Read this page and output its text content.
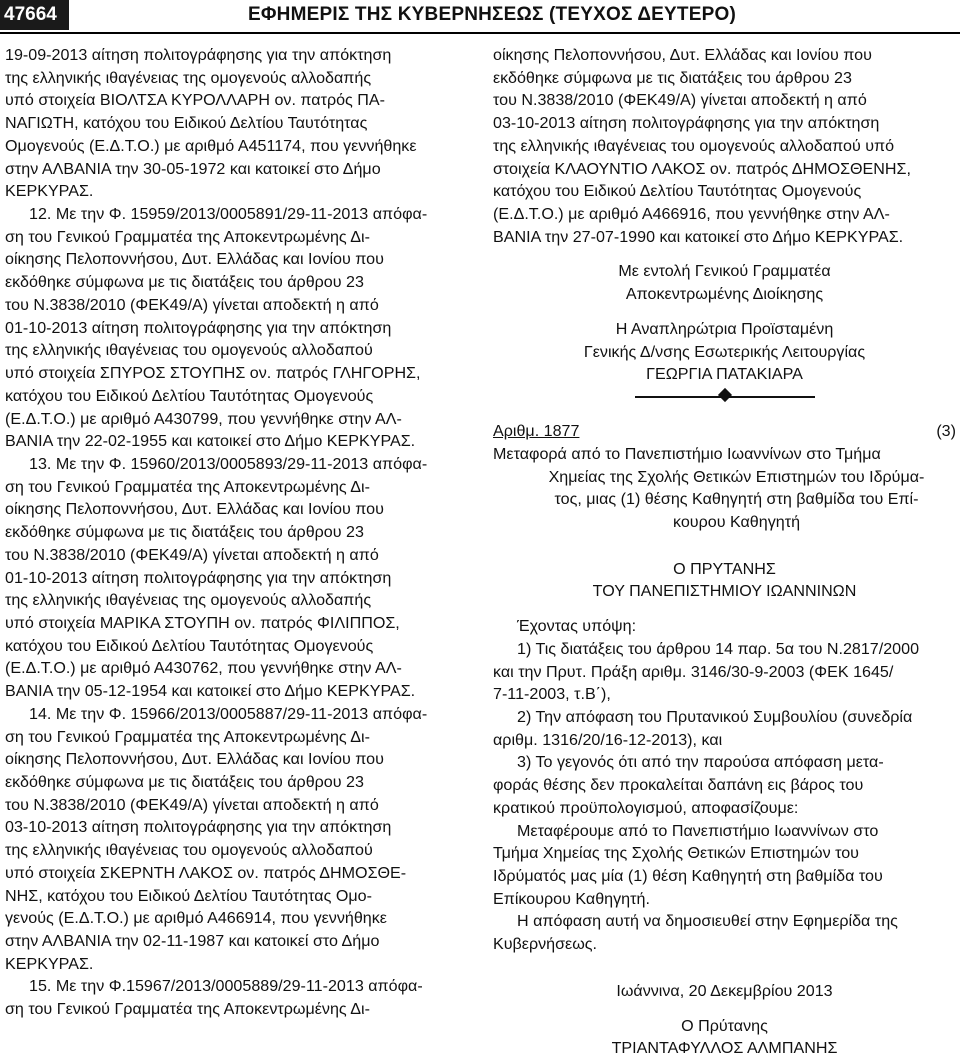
47664	ΕΦΗΜΕΡΙΣ ΤΗΣ ΚΥΒΕΡΝΗΣΕΩΣ (ΤΕΥΧΟΣ ΔΕΥΤΕΡΟ)

19-09-2013 αίτηση πολιτογράφησης για την απόκτηση

της ελληνικής ιθαγένειας της ομογενούς αλλοδαπής

υπό στοιχεία ΒΙΟΛΤΣΑ ΚΥΡΟΛΛΑΡΗ ον. πατρός ΠΑ-

ΝΑΓΙΩΤΗ, κατόχου του Ειδικού Δελτίου Ταυτότητας

Ομογενούς (Ε.Δ.Τ.Ο.) με αριθμό Α451174, που γεννήθηκε

στην ΑΛΒΑΝΙΑ την 30-05-1972 και κατοικεί στο Δήμο

ΚΕΡΚΥΡΑΣ.

12. Με την Φ. 15959/2013/0005891/29-11-2013 απόφα-

ση του Γενικού Γραμματέα της Αποκεντρωμένης Δι-

οίκησης Πελοποννήσου, Δυτ. Ελλάδας και Ιονίου που

εκδόθηκε σύμφωνα με τις διατάξεις του άρθρου 23

του Ν.3838/2010 (ΦΕΚ49/Α) γίνεται αποδεκτή η από

01-10-2013 αίτηση πολιτογράφησης για την απόκτηση

της ελληνικής ιθαγένειας του ομογενούς αλλοδαπού

υπό στοιχεία ΣΠΥΡΟΣ ΣΤΟΥΠΗΣ ον. πατρός ΓΛΗΓΟΡΗΣ,

κατόχου του Ειδικού Δελτίου Ταυτότητας Ομογενούς

(Ε.Δ.Τ.Ο.) με αριθμό Α430799, που γεννήθηκε στην ΑΛ-

ΒΑΝΙΑ την 22-02-1955 και κατοικεί στο Δήμο ΚΕΡΚΥΡΑΣ.

13. Με την Φ. 15960/2013/0005893/29-11-2013 απόφα-

ση του Γενικού Γραμματέα της Αποκεντρωμένης Δι-

οίκησης Πελοποννήσου, Δυτ. Ελλάδας και Ιονίου που

εκδόθηκε σύμφωνα με τις διατάξεις του άρθρου 23

του Ν.3838/2010 (ΦΕΚ49/Α) γίνεται αποδεκτή η από

01-10-2013 αίτηση πολιτογράφησης για την απόκτηση

της ελληνικής ιθαγένειας της ομογενούς αλλοδαπής

υπό στοιχεία ΜΑΡΙΚΑ ΣΤΟΥΠΗ ον. πατρός ΦΙΛΙΠΠΟΣ,

κατόχου του Ειδικού Δελτίου Ταυτότητας Ομογενούς

(Ε.Δ.Τ.Ο.) με αριθμό Α430762, που γεννήθηκε στην ΑΛ-

ΒΑΝΙΑ την 05-12-1954 και κατοικεί στο Δήμο ΚΕΡΚΥΡΑΣ.

14. Με την Φ. 15966/2013/0005887/29-11-2013 απόφα-

ση του Γενικού Γραμματέα της Αποκεντρωμένης Δι-

οίκησης Πελοποννήσου, Δυτ. Ελλάδας και Ιονίου που

εκδόθηκε σύμφωνα με τις διατάξεις του άρθρου 23

του Ν.3838/2010 (ΦΕΚ49/Α) γίνεται αποδεκτή η από

03-10-2013 αίτηση πολιτογράφησης για την απόκτηση

της ελληνικής ιθαγένειας του ομογενούς αλλοδαπού

υπό στοιχεία ΣΚΕΡΝΤΗ ΛΑΚΟΣ ον. πατρός ΔΗΜΟΣΘΕ-

ΝΗΣ, κατόχου του Ειδικού Δελτίου Ταυτότητας Ομο-

γενούς (Ε.Δ.Τ.Ο.) με αριθμό Α466914, που γεννήθηκε

στην ΑΛΒΑΝΙΑ την 02-11-1987 και κατοικεί στο Δήμο

ΚΕΡΚΥΡΑΣ.

15. Με την Φ.15967/2013/0005889/29-11-2013 απόφα-

ση του Γενικού Γραμματέα της Αποκεντρωμένης Δι-

οίκησης Πελοποννήσου, Δυτ. Ελλάδας και Ιονίου που

εκδόθηκε σύμφωνα με τις διατάξεις του άρθρου 23

του Ν.3838/2010 (ΦΕΚ49/Α) γίνεται αποδεκτή η από

03-10-2013 αίτηση πολιτογράφησης για την απόκτηση

της ελληνικής ιθαγένειας του ομογενούς αλλοδαπού υπό

στοιχεία ΚΛΑΟΥΝΤΙΟ ΛΑΚΟΣ ον. πατρός ΔΗΜΟΣΘΕΝΗΣ,

κατόχου του Ειδικού Δελτίου Ταυτότητας Ομογενούς

(Ε.Δ.Τ.Ο.) με αριθμό Α466916, που γεννήθηκε στην ΑΛ-

ΒΑΝΙΑ την 27-07-1990 και κατοικεί στο Δήμο ΚΕΡΚΥΡΑΣ.

Με εντολή Γενικού Γραμματέα

Αποκεντρωμένης Διοίκησης

Η Αναπληρώτρια Προϊσταμένη

Γενικής Δ/νσης Εσωτερικής Λειτουργίας

ΓΕΩΡΓΙΑ ΠΑΤΑΚΙΑΡΑ

Αριθμ. 1877	(3)

Μεταφορά από το Πανεπιστήμιο Ιωαννίνων στο Τμήμα

Χημείας της Σχολής Θετικών Επιστημών του Ιδρύμα-

τος, μιας (1) θέσης Καθηγητή στη βαθμίδα του Επί-

κουρου Καθηγητή

Ο ΠΡΥΤΑΝΗΣ

ΤΟΥ ΠΑΝΕΠΙΣΤΗΜΙΟΥ ΙΩΑΝΝΙΝΩΝ

Έχοντας υπόψη:

1) Τις διατάξεις του άρθρου 14 παρ. 5α του Ν.2817/2000

και την Πρυτ. Πράξη αριθμ. 3146/30-9-2003 (ΦΕΚ 1645/

7-11-2003, τ.Β΄),

2) Την απόφαση του Πρυτανικού Συμβουλίου (συνεδρία

αριθμ. 1316/20/16-12-2013), και

3) Το γεγονός ότι από την παρούσα απόφαση μετα-

φοράς θέσης δεν προκαλείται δαπάνη εις βάρος του

κρατικού προϋπολογισμού, αποφασίζουμε:

Μεταφέρουμε από το Πανεπιστήμιο Ιωαννίνων στο

Τμήμα Χημείας της Σχολής Θετικών Επιστημών του

Ιδρύματός μας μία (1) θέση Καθηγητή στη βαθμίδα του

Επίκουρου Καθηγητή.

Η απόφαση αυτή να δημοσιευθεί στην Εφημερίδα της

Κυβερνήσεως.

Ιωάννινα, 20 Δεκεμβρίου 2013

Ο Πρύτανης

ΤΡΙΑΝΤΑΦΥΛΛΟΣ ΑΛΜΠΑΝΗΣ
